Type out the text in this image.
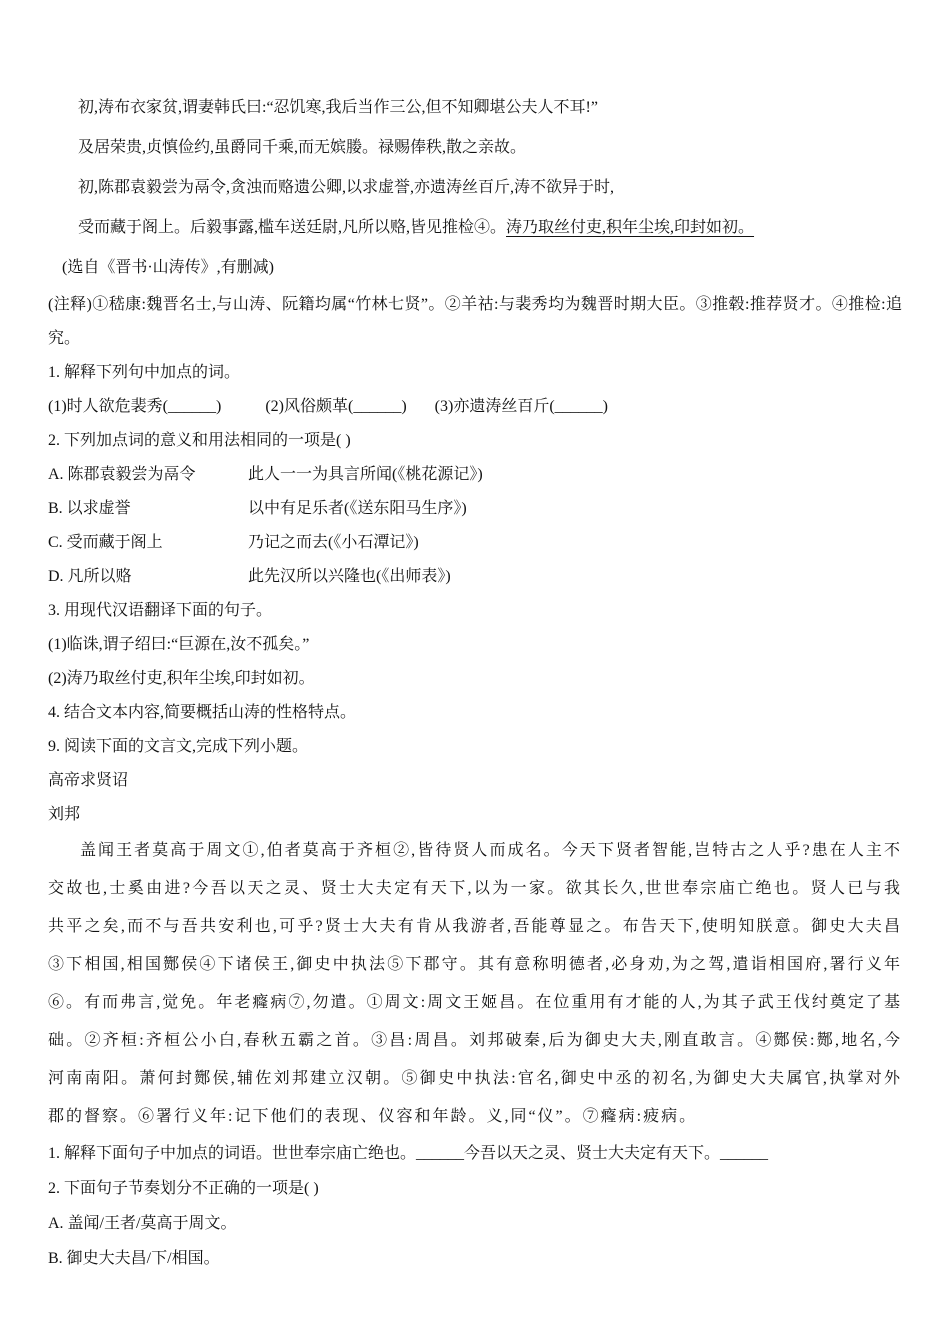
初,涛布衣家贫,谓妻韩氏曰:“忍饥寒,我后当作三公,但不知卿堪公夫人不耳!”

及居荣贵,贞慎俭约,虽爵同千乘,而无嫔媵。禄赐俸秩,散之亲故。

初,陈郡袁毅尝为鬲令,贪浊而赂遗公卿,以求虚誉,亦遗涛丝百斤,涛不欲异于时,

受而藏于阁上。后毅事露,槛车送廷尉,凡所以赂,皆见推检④。涛乃取丝付吏,积年尘埃,印封如初。

(选自《晋书·山涛传》,有删减)

(注释)①嵇康:魏晋名士,与山涛、阮籍均属“竹林七贤”。②羊祜:与裴秀均为魏晋时期大臣。③推毂:推荐贤才。④推检:追究。

1. 解释下列句中加点的词。

(1)时人欲危裴秀(______)	(2)风俗颇革(______) (3)亦遗涛丝百斤(______)

2. 下列加点词的意义和用法相同的一项是( )

A. 陈郡袁毅尝为鬲令	此人一一为具言所闻(《桃花源记》)
B. 以求虚誉	以中有足乐者(《送东阳马生序》)
C. 受而藏于阁上	乃记之而去(《小石潭记》)
D. 凡所以赂	此先汉所以兴隆也(《出师表》)

3. 用现代汉语翻译下面的句子。

(1)临诛,谓子绍曰:“巨源在,汝不孤矣。”

(2)涛乃取丝付吏,积年尘埃,印封如初。

4. 结合文本内容,简要概括山涛的性格特点。

9. 阅读下面的文言文,完成下列小题。

高帝求贤诏

刘邦

盖闻王者莫高于周文①,伯者莫高于齐桓②,皆待贤人而成名。今天下贤者智能,岂特古之人乎?患在人主不交故也,士奚由进?今吾以天之灵、贤士大夫定有天下,以为一家。欲其长久,世世奉宗庙亡绝也。贤人已与我共平之矣,而不与吾共安利也,可乎?贤士大夫有肯从我游者,吾能尊显之。布告天下,使明知朕意。御史大夫昌③下相国,相国酂侯④下诸侯王,御史中执法⑤下郡守。其有意称明德者,必身劝,为之驾,遣诣相国府,署行义年⑥。有而弗言,觉免。年老癃病⑦,勿遣。①周文:周文王姬昌。在位重用有才能的人,为其子武王伐纣奠定了基础。②齐桓:齐桓公小白,春秋五霸之首。③昌:周昌。刘邦破秦,后为御史大夫,刚直敢言。④酂侯:酂,地名,今河南南阳。萧何封酂侯,辅佐刘邦建立汉朝。⑤御史中执法:官名,御史中丞的初名,为御史大夫属官,执掌对外郡的督察。⑥署行义年:记下他们的表现、仪容和年龄。义,同“仪”。⑦癃病:疲病。

1. 解释下面句子中加点的词语。世世奉宗庙亡绝也。______今吾以天之灵、贤士大夫定有天下。______

2. 下面句子节奏划分不正确的一项是( )

A. 盖闻/王者/莫高于周文。

B. 御史大夫昌/下/相国。
